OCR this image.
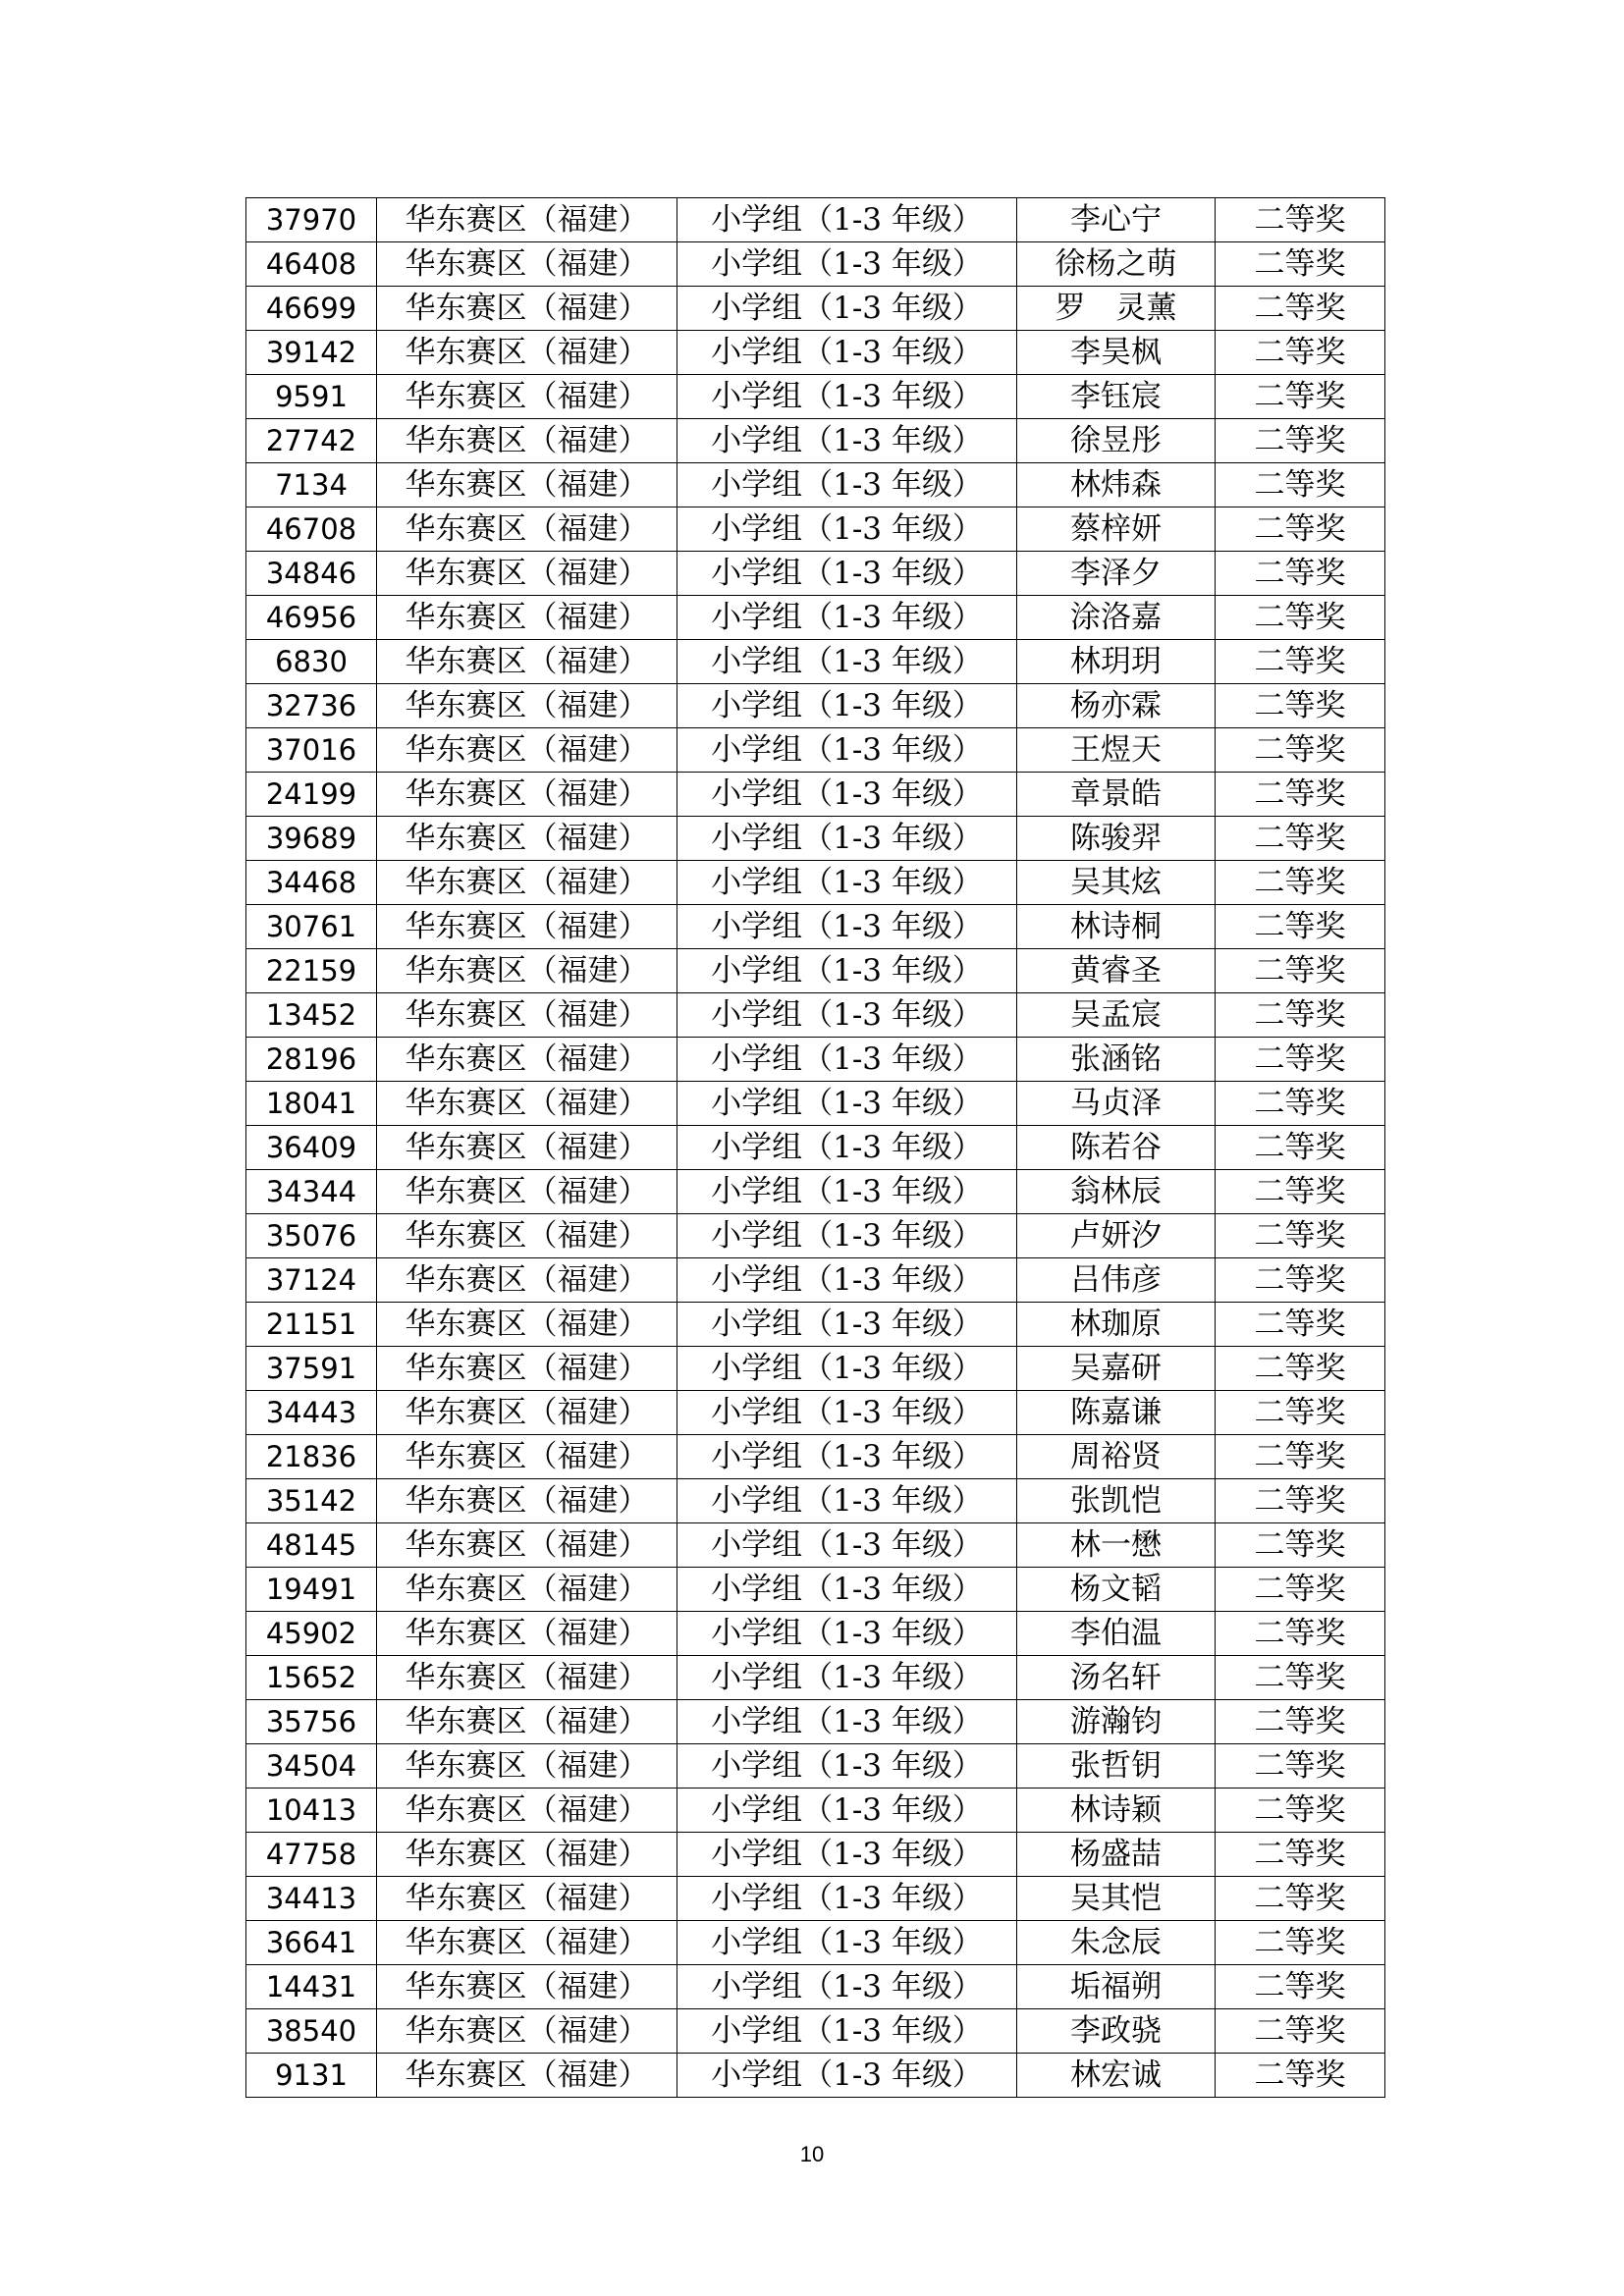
37970	华东赛区（福建）	小学组（1-3 年级）	李心宁	二等奖
46408	华东赛区（福建）	小学组（1-3 年级）	徐杨之萌	二等奖
46699	华东赛区（福建）	小学组（1-3 年级）	罗　灵薰	二等奖
39142	华东赛区（福建）	小学组（1-3 年级）	李昊枫	二等奖
9591	华东赛区（福建）	小学组（1-3 年级）	李钰宸	二等奖
27742	华东赛区（福建）	小学组（1-3 年级）	徐昱彤	二等奖
7134	华东赛区（福建）	小学组（1-3 年级）	林炜森	二等奖
46708	华东赛区（福建）	小学组（1-3 年级）	蔡梓妍	二等奖
34846	华东赛区（福建）	小学组（1-3 年级）	李泽夕	二等奖
46956	华东赛区（福建）	小学组（1-3 年级）	涂洛嘉	二等奖
6830	华东赛区（福建）	小学组（1-3 年级）	林玥玥	二等奖
32736	华东赛区（福建）	小学组（1-3 年级）	杨亦霖	二等奖
37016	华东赛区（福建）	小学组（1-3 年级）	王煜天	二等奖
24199	华东赛区（福建）	小学组（1-3 年级）	章景皓	二等奖
39689	华东赛区（福建）	小学组（1-3 年级）	陈骏羿	二等奖
34468	华东赛区（福建）	小学组（1-3 年级）	吴其炫	二等奖
30761	华东赛区（福建）	小学组（1-3 年级）	林诗桐	二等奖
22159	华东赛区（福建）	小学组（1-3 年级）	黄睿圣	二等奖
13452	华东赛区（福建）	小学组（1-3 年级）	吴孟宸	二等奖
28196	华东赛区（福建）	小学组（1-3 年级）	张涵铭	二等奖
18041	华东赛区（福建）	小学组（1-3 年级）	马贞泽	二等奖
36409	华东赛区（福建）	小学组（1-3 年级）	陈若谷	二等奖
34344	华东赛区（福建）	小学组（1-3 年级）	翁林辰	二等奖
35076	华东赛区（福建）	小学组（1-3 年级）	卢妍汐	二等奖
37124	华东赛区（福建）	小学组（1-3 年级）	吕伟彦	二等奖
21151	华东赛区（福建）	小学组（1-3 年级）	林珈原	二等奖
37591	华东赛区（福建）	小学组（1-3 年级）	吴嘉研	二等奖
34443	华东赛区（福建）	小学组（1-3 年级）	陈嘉谦	二等奖
21836	华东赛区（福建）	小学组（1-3 年级）	周裕贤	二等奖
35142	华东赛区（福建）	小学组（1-3 年级）	张凯恺	二等奖
48145	华东赛区（福建）	小学组（1-3 年级）	林一懋	二等奖
19491	华东赛区（福建）	小学组（1-3 年级）	杨文韬	二等奖
45902	华东赛区（福建）	小学组（1-3 年级）	李伯温	二等奖
15652	华东赛区（福建）	小学组（1-3 年级）	汤名轩	二等奖
35756	华东赛区（福建）	小学组（1-3 年级）	游瀚钧	二等奖
34504	华东赛区（福建）	小学组（1-3 年级）	张哲钥	二等奖
10413	华东赛区（福建）	小学组（1-3 年级）	林诗颖	二等奖
47758	华东赛区（福建）	小学组（1-3 年级）	杨盛喆	二等奖
34413	华东赛区（福建）	小学组（1-3 年级）	吴其恺	二等奖
36641	华东赛区（福建）	小学组（1-3 年级）	朱念辰	二等奖
14431	华东赛区（福建）	小学组（1-3 年级）	垢福朔	二等奖
38540	华东赛区（福建）	小学组（1-3 年级）	李政骁	二等奖
9131	华东赛区（福建）	小学组（1-3 年级）	林宏诚	二等奖
10
